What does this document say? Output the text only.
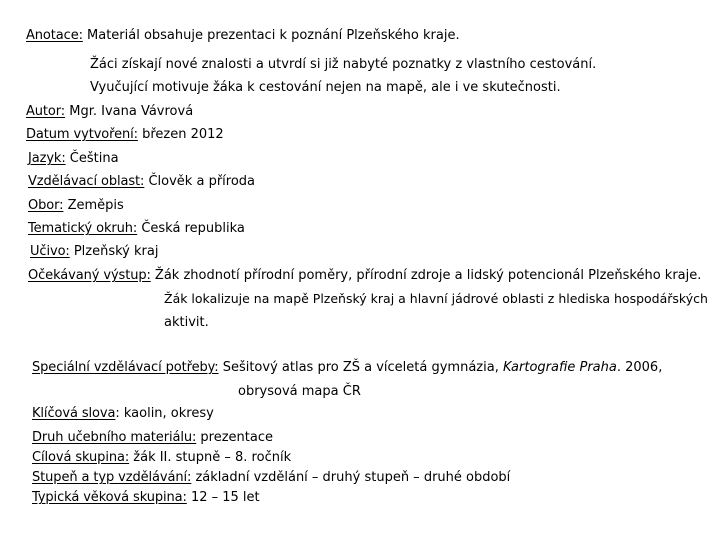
Anotace: Materiál obsahuje prezentaci k poznání Plzeňského kraje.
Žáci získají nové znalosti a utvrdí si již nabyté poznatky z vlastního cestování.
Vyučující motivuje žáka k cestování nejen na mapě, ale i ve skutečnosti.
Autor: Mgr. Ivana Vávrová
Datum vytvoření: březen 2012
Jazyk: Čeština
Vzdělávací oblast: Člověk a příroda
Obor: Zeměpis
Tematický okruh: Česká republika
Učivo: Plzeňský kraj
Očekávaný výstup: Žák zhodnotí přírodní poměry, přírodní zdroje a lidský potencionál Plzeňského kraje.
Žák lokalizuje na mapě Plzeňský kraj a hlavní jádrové oblasti z hlediska hospodářských
aktivit.
Speciální vzdělávací potřeby: Sešitový atlas pro ZŠ a víceletá gymnázia, Kartografie Praha. 2006,
obrysová mapa ČR
Klíčová slova: kaolin, okresy
Druh učebního materiálu: prezentace
Cílová skupina: žák II. stupně – 8. ročník
Stupeň a typ vzdělávání: základní vzdělání – druhý stupeň – druhé období
Typická věková skupina: 12 – 15 let
